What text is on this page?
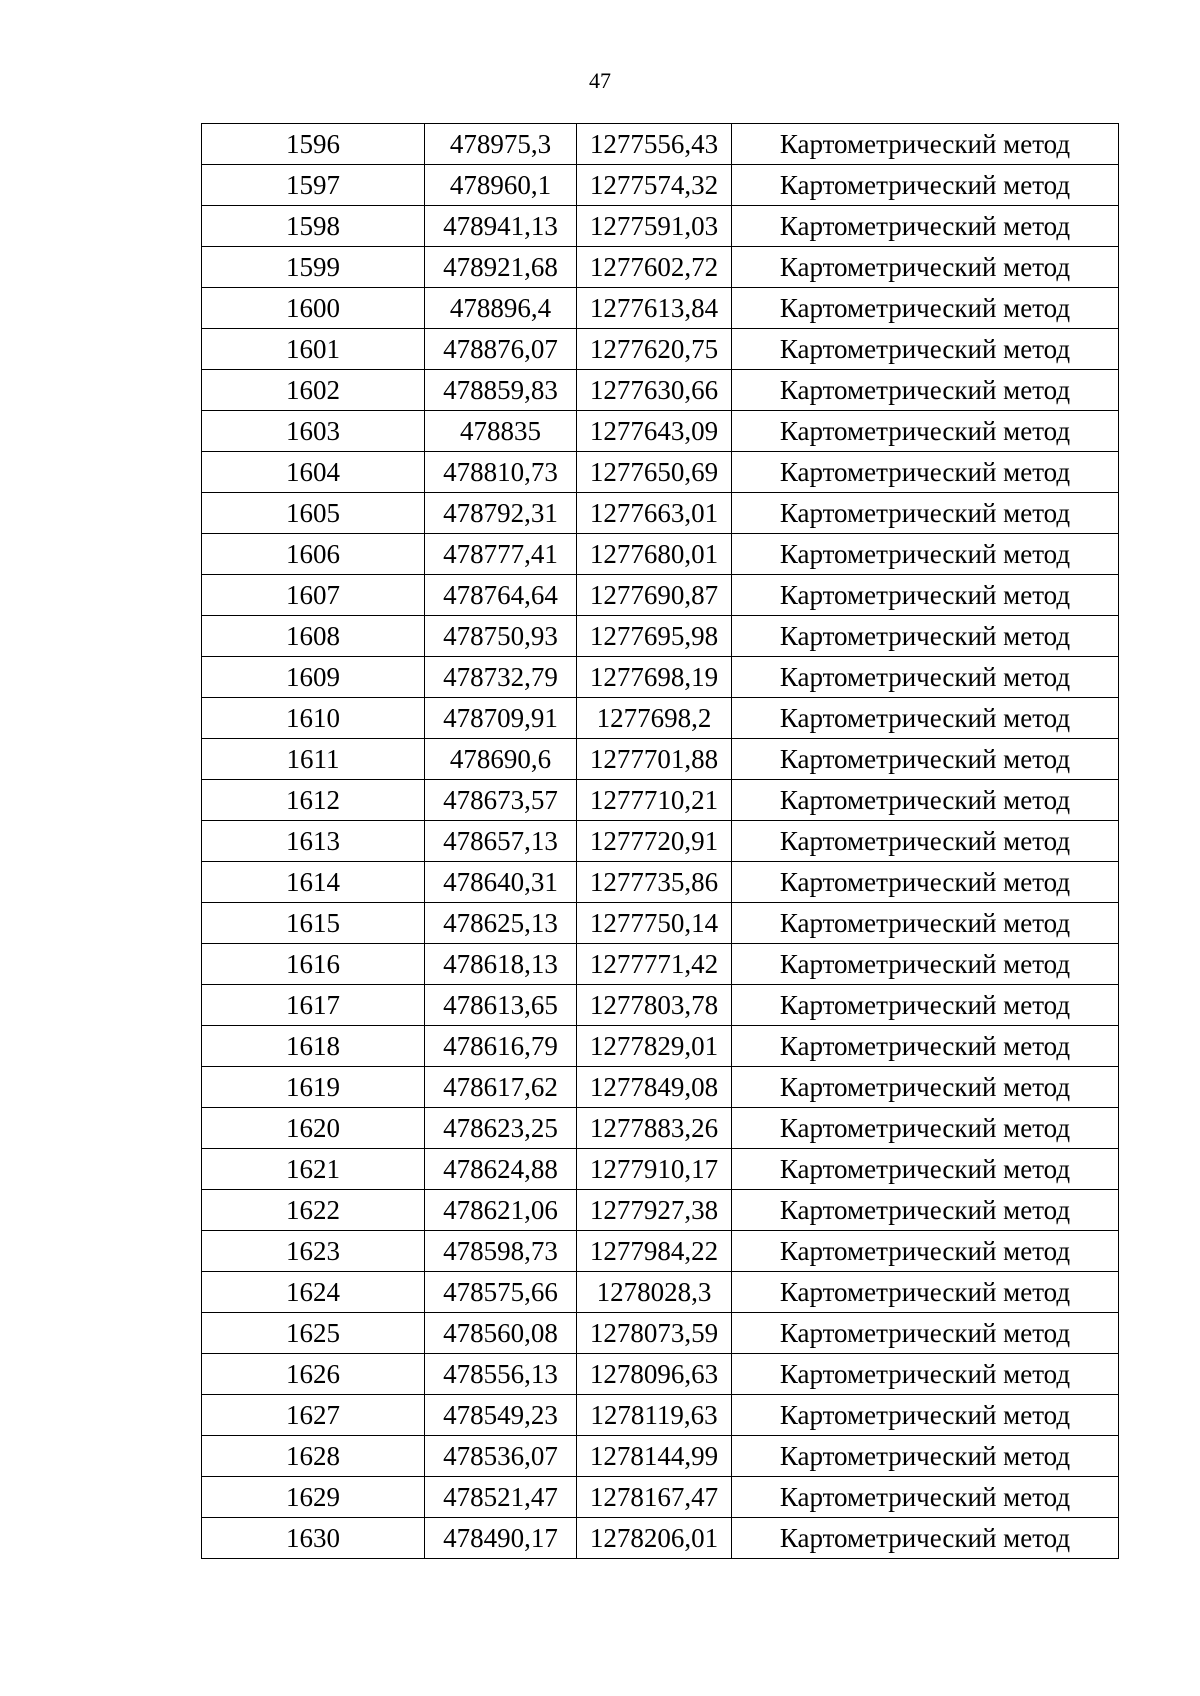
47
1596	478975,3	1277556,43	Картометрический метод
1597	478960,1	1277574,32	Картометрический метод
1598	478941,13	1277591,03	Картометрический метод
1599	478921,68	1277602,72	Картометрический метод
1600	478896,4	1277613,84	Картометрический метод
1601	478876,07	1277620,75	Картометрический метод
1602	478859,83	1277630,66	Картометрический метод
1603	478835	1277643,09	Картометрический метод
1604	478810,73	1277650,69	Картометрический метод
1605	478792,31	1277663,01	Картометрический метод
1606	478777,41	1277680,01	Картометрический метод
1607	478764,64	1277690,87	Картометрический метод
1608	478750,93	1277695,98	Картометрический метод
1609	478732,79	1277698,19	Картометрический метод
1610	478709,91	1277698,2	Картометрический метод
1611	478690,6	1277701,88	Картометрический метод
1612	478673,57	1277710,21	Картометрический метод
1613	478657,13	1277720,91	Картометрический метод
1614	478640,31	1277735,86	Картометрический метод
1615	478625,13	1277750,14	Картометрический метод
1616	478618,13	1277771,42	Картометрический метод
1617	478613,65	1277803,78	Картометрический метод
1618	478616,79	1277829,01	Картометрический метод
1619	478617,62	1277849,08	Картометрический метод
1620	478623,25	1277883,26	Картометрический метод
1621	478624,88	1277910,17	Картометрический метод
1622	478621,06	1277927,38	Картометрический метод
1623	478598,73	1277984,22	Картометрический метод
1624	478575,66	1278028,3	Картометрический метод
1625	478560,08	1278073,59	Картометрический метод
1626	478556,13	1278096,63	Картометрический метод
1627	478549,23	1278119,63	Картометрический метод
1628	478536,07	1278144,99	Картометрический метод
1629	478521,47	1278167,47	Картометрический метод
1630	478490,17	1278206,01	Картометрический метод
